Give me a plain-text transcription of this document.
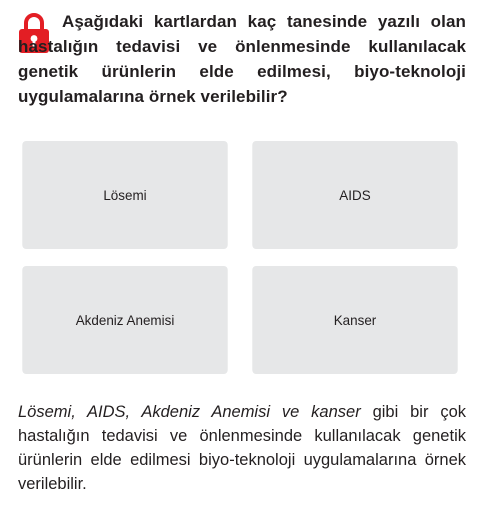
Aşağıdaki kartlardan kaç tanesinde yazılı olan hastalığın tedavisi ve önlenmesinde kullanılacak genetik ürünlerin elde edilmesi, biyo-teknoloji uygulamalarına örnek verilebilir?

Lösemi	AIDS
Akdeniz Anemisi	Kanser

Lösemi, AIDS, Akdeniz Anemisi ve kanser gibi bir çok hastalığın tedavisi ve önlenmesinde kullanılacak genetik ürünlerin elde edilmesi biyo-teknoloji uygulamalarına örnek verilebilir.
